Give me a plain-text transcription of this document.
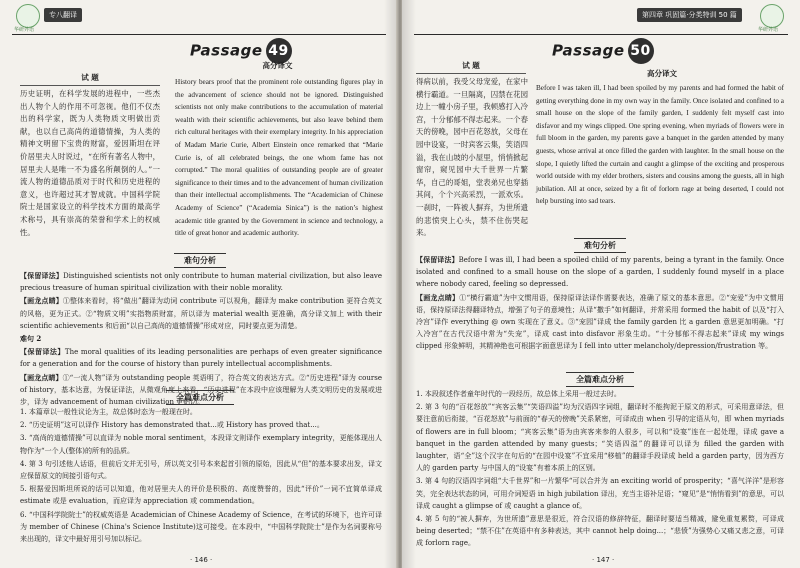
华研外语
专八翻译
Passage 49
试 题
高分译文
历史证明，在科学发展的进程中，一些杰出人物个人的作用不可忽视。他们不仅杰出的科学家，既为人类物质文明做出贡献，也以自己高尚的道德情操，为人类的精神文明留下宝贵的财富，爱因斯坦在评价居里夫人时说过，“在所有著名人物中，居里夫人是唯一不为盛名所颠倒的人。”一流人物的道德品质对于时代和历史进程的意义，也许超过其才智成就。中国科学院院士是国家设立的科学技术方面的最高学术称号，具有崇高的荣誉和学术上的权威性。
History bears proof that the prominent role outstanding figures play in the advancement of science should not be ignored. Distinguished scientists not only make contributions to the accumulation of material wealth with their scientific achievements, but also leave behind them rich cultural heritages with their exemplary integrity. In his appreciation of Madam Marie Curie, Albert Einstein once remarked that “Marie Curie is, of all celebrated beings, the one whom fame has not corrupted.” The moral qualities of outstanding people are of greater significance to their times and to the advancement of human civilization than their intellectual accomplishments. The “Academician of Chinese Academy of Science” (“Academia Sinica”) is the nation’s highest academic title granted by the Government in science and technology, a title of great honor and academic authority.
难句分析

【保留译法】Distinguished scientists not only contribute to human material civilization, but also leave precious treasure of human spiritual civilization with their noble morality.

【画龙点睛】①整体来看时，将“做出”翻译为动词 contribute 可以视角，翻译为 make contribution 更符合英文的风格，更为正式。②“物质文明”实指物质财富，所以译为 material wealth 更准确，高分译文加上 with their scientific achievements 和后面“以自己高尚的道德情操”形成对应，同时要点更为清楚。

难句 2

【保留译法】The moral qualities of its leading personalities are perhaps of even greater significance for a generation and for the course of history than purely intellectual accomplishments.

【画龙点睛】①“一流人物”译为 outstanding people 英语明了，符合英文的表达方式。②“历史进程”译为 course of history，基本达意，为保证译法，从微观角度上来看，“历史进程”在本段中应该理解为人类文明历史的发展或进步，译为 advancement of human civilization 更贴切。

全篇难点分析

1. 本篇章以一般性议论为主，故总体时态为一般现在时。

2. “历史证明”这可以译作 History has demonstrated that...或 History has proved that...。

3. “高尚的道德情操”可以直译为 noble moral sentiment，本段译文则译作 exemplary integrity，更能体现出人物作为“一个人(整体)的所有的品质。

4. 第 3 句引述他人话语，但前后文并无引号，所以英文引号本来起首引领的原始，因此从“但”的基本要求出发，译文应保留原文的间接引语句式。

5. 根据爱因斯坦所说的话可以知道，他对居里夫人的评价是积极的、高度赞誉的，因此“评价”一词不宜简单译成 estimate 或是 evaluation，而应译为 appreciation 或 commendation。

6. “中国科学院院士”的权威英语是 Academician of Chinese Academy of Science，在考试的环境下，也许可译为 member of Chinese (China's Science Institute)这可接受。在本段中，“中国科学院院士”是作为名词要称号来出现的，译文中最好用引号加以标记。

· 146 ·
第四章 巩固篇·分类特训 50 篇
华研外语
Passage 50
试 题
高分译文
得病以前，我受父母宠爱，在家中横行霸道。一旦隔离，囚禁在花园边上一幢小房子里，我顿感打入冷宫，十分郁郁不得志起来。一个春天的傍晚，园中百花怒放，父母在园中设宴，一时宾客云集，笑语四溢，我在山坡的小屋里，悄悄掀起窗帘，窥见园中大千世界一片繁华，自己的哥姐，堂表弟兄也穿插其间，个个兴高采烈，一派欢乐。一刹时，一阵被人摒弃，为世所遗的悲愤突上心头，禁不住伤哭起来。
Before I was taken ill, I had been spoiled by my parents and had formed the habit of getting everything done in my own way in the family. Once isolated and confined to a small house on the slope of the family garden, I suddenly felt myself cast into disfavor and my wings clipped. One spring evening, when myriads of flowers were in full bloom in the garden, my parents gave a banquet in the garden attended by many guests, whose arrival at once filled the garden with laughter. In the small house on the slope, I quietly lifted the curtain and caught a glimpse of the exciting and prosperous world outside with my elder brothers, sisters and cousins among the guests, all in high jubilation. All at once, seized by a fit of forlorn rage at being deserted, I could not help bursting into sad tears.
难句分析

【保留译法】Before I was ill, I had been a spoiled child of my parents, being a tyrant in the family. Once isolated and confined to a small house on the slope of a garden, I suddenly found myself in a place where nobody cared, feeling so depressed.

【画龙点睛】①“横行霸道”为中文惯用语，保持原译法译作需要表达，准确了原文的基本意思。②“宠爱”为中文惯用语，保持原译法得翻译特点，增强了句子的意境性；从译“撒手”如何翻译，并常采用 formed the habit of 以及“打入冷宫”译作 everything @ own 实现在了意义。③“宠园”译成 the family garden 比 a garden 意思更加明确。“打入冷宫”在古代汉语中常为“失宠”，译成 cast into disfavor 形象生动。“十分郁郁不得志起来”译成 my wings clipped 形象鲜明，其精神绝也可根据字面意思译为 I fell into utter melancholy/depression/frustration 等。

全篇难点分析

1. 本段叙述作者童年时代的一段经历，故总体上采用一般过去时。

2. 第 3 句的“百花怒放”“宾客云集”“笑语四溢”均为汉语四字词组，翻译时不能拘泥于原文的形式，可采用意译法，但要注意前后衔接，“百花怒放”与前面的“春天的傍晚”关系紧密，可译成由 when 引导的定语从句，即 when myriads of flowers are in full bloom；“宾客云集”语为由宾客来参的人很多，可以和“设宴”连在一起处理，译成 gave a banquet in the garden attended by many guests；“笑语四溢”的翻译可以译为 filled the garden with laughter，语“全”这个汉字在句后的“在园中设宴”不宜采用“移植”的翻译手段译成 held a garden party，因为西方人的 garden party 与中国人的“设宴”有着本质上的区别。

3. 第 4 句的汉语四字词组“大千世界”和一片繁华“可以合并为 an exciting world of prosperity；“喜气洋洋”是形容笑，完全表达状态的词，可用介词短语 in high jubilation 译出，充当主语补足语；“窥见”是“悄悄看到”的意思，可以译成 caught a glimpse of 或 caught a glance of。

4. 第 5 句的“被人摒弃，为世所遗”意思是很近，符合汉语的修辞特征，翻译时要适当精减，避免重复累赘，可译成 being deserted；“禁不住”在英语中有多种表达，其中 cannot help doing...；“悲愤”为强势心又痛又悲之意，可译成 forlorn rage。

· 147 ·
